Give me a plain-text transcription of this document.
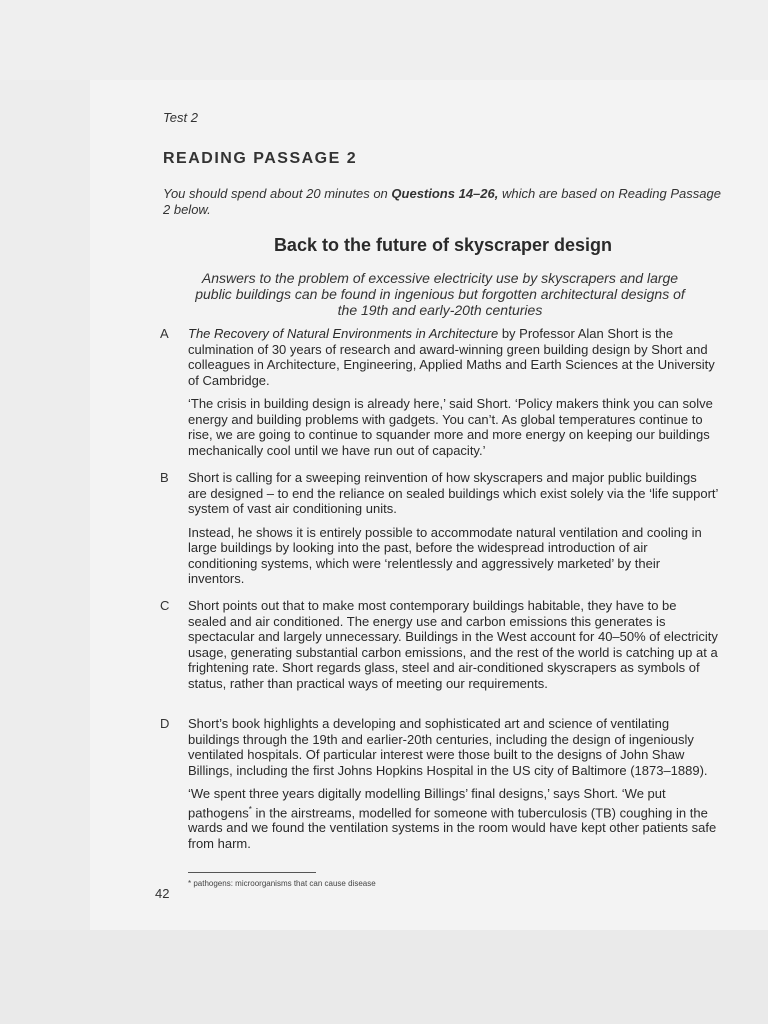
Test 2
READING PASSAGE 2
You should spend about 20 minutes on Questions 14–26, which are based on Reading Passage 2 below.
Back to the future of skyscraper design
Answers to the problem of excessive electricity use by skyscrapers and large public buildings can be found in ingenious but forgotten architectural designs of the 19th and early-20th centuries
A The Recovery of Natural Environments in Architecture by Professor Alan Short is the culmination of 30 years of research and award-winning green building design by Short and colleagues in Architecture, Engineering, Applied Maths and Earth Sciences at the University of Cambridge.

‘The crisis in building design is already here,’ said Short. ‘Policy makers think you can solve energy and building problems with gadgets. You can’t. As global temperatures continue to rise, we are going to continue to squander more and more energy on keeping our buildings mechanically cool until we have run out of capacity.’

B Short is calling for a sweeping reinvention of how skyscrapers and major public buildings are designed – to end the reliance on sealed buildings which exist solely via the ‘life support’ system of vast air conditioning units.

Instead, he shows it is entirely possible to accommodate natural ventilation and cooling in large buildings by looking into the past, before the widespread introduction of air conditioning systems, which were ‘relentlessly and aggressively marketed’ by their inventors.

C Short points out that to make most contemporary buildings habitable, they have to be sealed and air conditioned. The energy use and carbon emissions this generates is spectacular and largely unnecessary. Buildings in the West account for 40–50% of electricity usage, generating substantial carbon emissions, and the rest of the world is catching up at a frightening rate. Short regards glass, steel and air-conditioned skyscrapers as symbols of status, rather than practical ways of meeting our requirements.

D Short’s book highlights a developing and sophisticated art and science of ventilating buildings through the 19th and earlier-20th centuries, including the design of ingeniously ventilated hospitals. Of particular interest were those built to the designs of John Shaw Billings, including the first Johns Hopkins Hospital in the US city of Baltimore (1873–1889).

‘We spent three years digitally modelling Billings’ final designs,’ says Short. ‘We put pathogens* in the airstreams, modelled for someone with tuberculosis (TB) coughing in the wards and we found the ventilation systems in the room would have kept other patients safe from harm.

* pathogens: microorganisms that can cause disease
42
